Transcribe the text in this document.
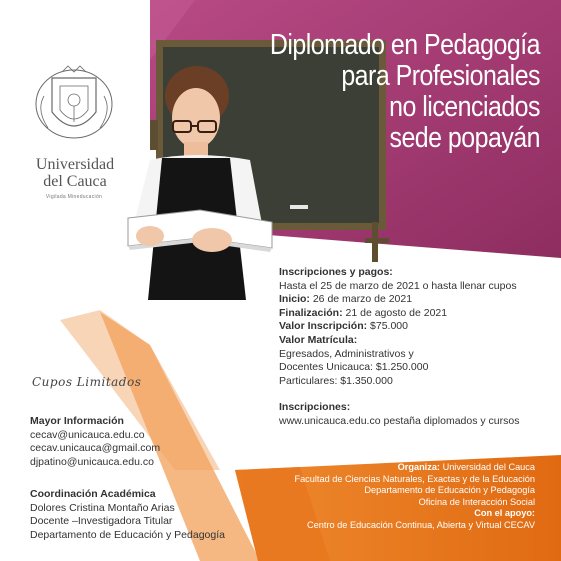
Diplomado en Pedagogía
para Profesionales
no licenciados
sede popayán
Universidad
del Cauca
Vigilada Mineducación
Inscripciones y pagos:
Hasta el 25 de marzo de 2021 o hasta llenar cupos
Inicio: 26 de marzo de 2021
Finalización: 21 de agosto de 2021
Valor Inscripción: $75.000
Valor Matrícula:
Egresados, Administrativos y
Docentes Unicauca: $1.250.000
Particulares: $1.350.000
Inscripciones:
www.unicauca.edu.co pestaña diplomados y cursos
Cupos Limitados
Mayor Información
cecav@unicauca.edu.co
cecav.unicauca@gmail.com
djpatino@unicauca.edu.co
Coordinación Académica
Dolores Cristina Montaño Arias
Docente –Investigadora Titular
Departamento de Educación y Pedagogía
Organiza: Universidad del Cauca
Facultad de Ciencias Naturales, Exactas y de la Educación
Departamento de Educación y Pedagogía
Oficina de Interacción Social
Con el apoyo:
Centro de Educación Continua, Abierta y Virtual CECAV
